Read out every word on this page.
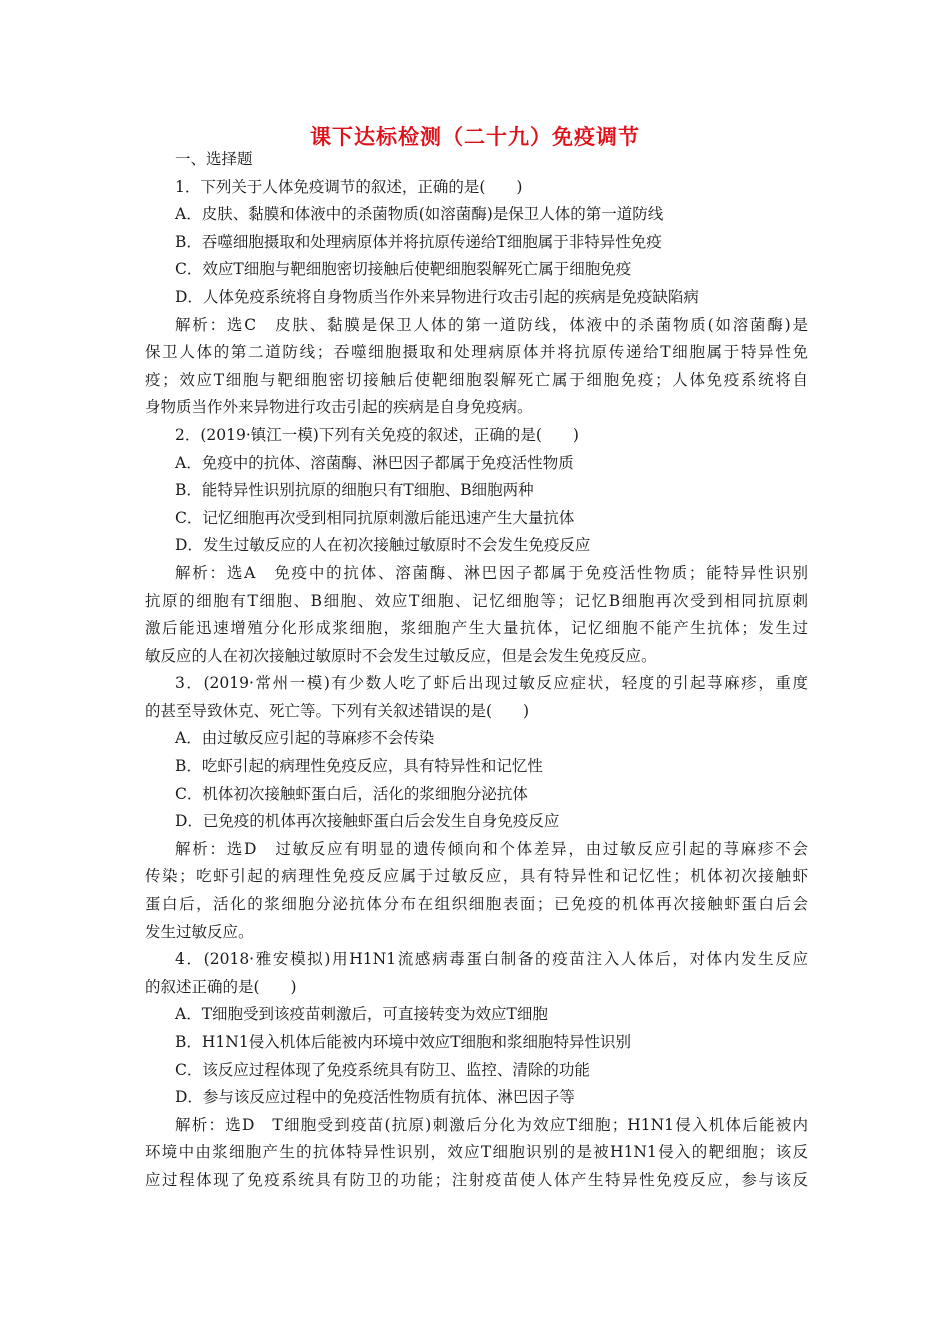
课下达标检测（二十九）免疫调节
一、选择题
1．下列关于人体免疫调节的叙述，正确的是(　　)
A．皮肤、黏膜和体液中的杀菌物质(如溶菌酶)是保卫人体的第一道防线
B．吞噬细胞摄取和处理病原体并将抗原传递给T细胞属于非特异性免疫
C．效应T细胞与靶细胞密切接触后使靶细胞裂解死亡属于细胞免疫
D．人体免疫系统将自身物质当作外来异物进行攻击引起的疾病是免疫缺陷病
解析：选C　皮肤、黏膜是保卫人体的第一道防线，体液中的杀菌物质(如溶菌酶)是
保卫人体的第二道防线；吞噬细胞摄取和处理病原体并将抗原传递给T细胞属于特异性免
疫；效应T细胞与靶细胞密切接触后使靶细胞裂解死亡属于细胞免疫；人体免疫系统将自
身物质当作外来异物进行攻击引起的疾病是自身免疫病。
2．(2019·镇江一模)下列有关免疫的叙述，正确的是(　　)
A．免疫中的抗体、溶菌酶、淋巴因子都属于免疫活性物质
B．能特异性识别抗原的细胞只有T细胞、B细胞两种
C．记忆细胞再次受到相同抗原刺激后能迅速产生大量抗体
D．发生过敏反应的人在初次接触过敏原时不会发生免疫反应
解析：选A　免疫中的抗体、溶菌酶、淋巴因子都属于免疫活性物质；能特异性识别
抗原的细胞有T细胞、B细胞、效应T细胞、记忆细胞等；记忆B细胞再次受到相同抗原刺
激后能迅速增殖分化形成浆细胞，浆细胞产生大量抗体，记忆细胞不能产生抗体；发生过
敏反应的人在初次接触过敏原时不会发生过敏反应，但是会发生免疫反应。
3．(2019·常州一模)有少数人吃了虾后出现过敏反应症状，轻度的引起荨麻疹，重度
的甚至导致休克、死亡等。下列有关叙述错误的是(　　)
A．由过敏反应引起的荨麻疹不会传染
B．吃虾引起的病理性免疫反应，具有特异性和记忆性
C．机体初次接触虾蛋白后，活化的浆细胞分泌抗体
D．已免疫的机体再次接触虾蛋白后会发生自身免疫反应
解析：选D　过敏反应有明显的遗传倾向和个体差异，由过敏反应引起的荨麻疹不会
传染；吃虾引起的病理性免疫反应属于过敏反应，具有特异性和记忆性；机体初次接触虾
蛋白后，活化的浆细胞分泌抗体分布在组织细胞表面；已免疫的机体再次接触虾蛋白后会
发生过敏反应。
4．(2018·雅安模拟)用H1N1流感病毒蛋白制备的疫苗注入人体后，对体内发生反应
的叙述正确的是(　　)
A．T细胞受到该疫苗刺激后，可直接转变为效应T细胞
B．H1N1侵入机体后能被内环境中效应T细胞和浆细胞特异性识别
C．该反应过程体现了免疫系统具有防卫、监控、清除的功能
D．参与该反应过程中的免疫活性物质有抗体、淋巴因子等
解析：选D　T细胞受到疫苗(抗原)刺激后分化为效应T细胞；H1N1侵入机体后能被内
环境中由浆细胞产生的抗体特异性识别，效应T细胞识别的是被H1N1侵入的靶细胞；该反
应过程体现了免疫系统具有防卫的功能；注射疫苗使人体产生特异性免疫反应，参与该反
